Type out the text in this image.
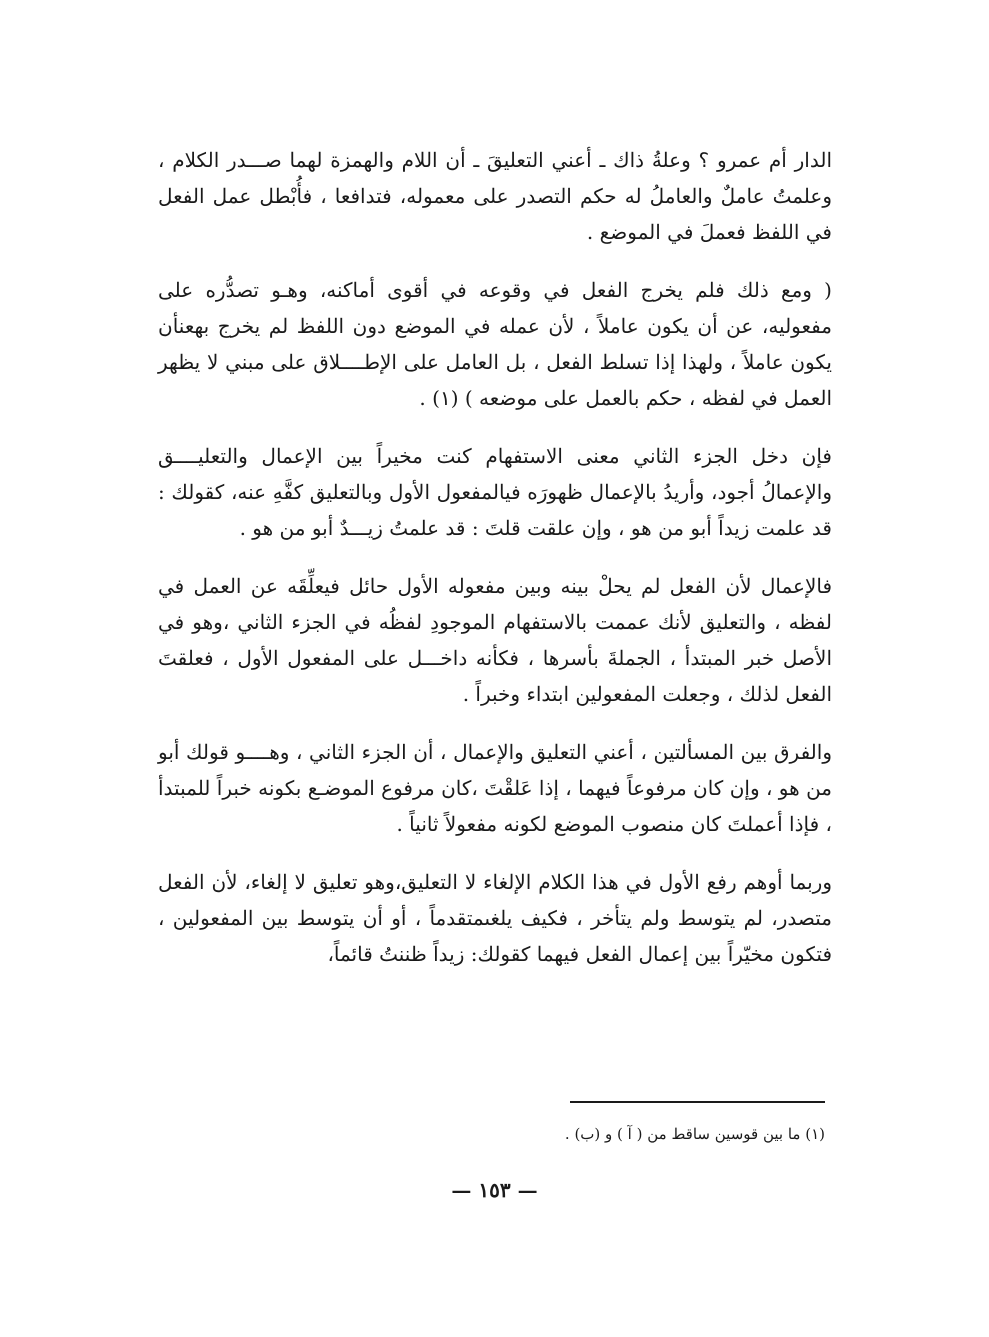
الدار أم عمرو ؟ وعلةُ ذاك ـ أعني التعليقَ ـ أن اللام والهمزة لهما صـــدر الكلام ، وعلمتُ عاملٌ والعاملُ له حكم التصدر على معموله، فتدافعا ، فأُبْطل عمل الفعل في اللفظ فعملَ في الموضع .

( ومع ذلك فلم يخرج الفعل في وقوعه في أقوى أماكنه، وهـو تصدُّره على مفعوليه، عن أن يكون عاملاً ، لأن عمله في الموضع دون اللفظ لم يخرج بهعنأن يكون عاملاً ، ولهذا إذا تسلط الفعل ، بل العامل على الإطــــلاق على مبني لا يظهر العمل في لفظه ، حكم بالعمل على موضعه ) (١) .

فإن دخل الجزء الثاني معنى الاستفهام كنت مخيراً بين الإعمال والتعليــــق والإعمالُ أجود، وأريدُ بالإعمال ظهورَه فيالمفعول الأول وبالتعليق كفَّهِ عنه، كقولك : قد علمت زيداً أبو من هو ، وإن علقت قلتَ : قد علمتُ زيـــدٌ أبو من هو .

فالإعمال لأن الفعل لم يحلْ بينه وبين مفعوله الأول حائل فيعلِّقَه عن العمل في لفظه ، والتعليق لأنك عممت بالاستفهام الموجودِ لفظُه في الجزء الثاني ،وهو في الأصل خبر المبتدأ ، الجملةَ بأسرها ، فكأنه داخـــل على المفعول الأول ، فعلقتَ الفعل لذلك ، وجعلت المفعولين ابتداء وخبراً .

والفرق بين المسألتين ، أعني التعليق والإعمال ، أن الجزء الثاني ، وهــــو قولك أبو من هو ، وإن كان مرفوعاً فيهما ، إذا عَلقْتَ ،كان مرفوع الموضـع بكونه خبراً للمبتدأ ، فإذا أعملتَ كان منصوب الموضع لكونه مفعولاً ثانياً .

وربما أوهم رفع الأول في هذا الكلام الإلغاء لا التعليق،وهو تعليق لا إلغاء، لأن الفعل متصدر، لم يتوسط ولم يتأخر ، فكيف يلغىمتقدماً ، أو أن يتوسط بين المفعولين ، فتكون مخيّراً بين إعمال الفعل فيهما كقولك: زيداً ظننتُ قائماً،

(١) ما بين قوسين ساقط من ( آ ) و (ب) .
— ١٥٣ —
